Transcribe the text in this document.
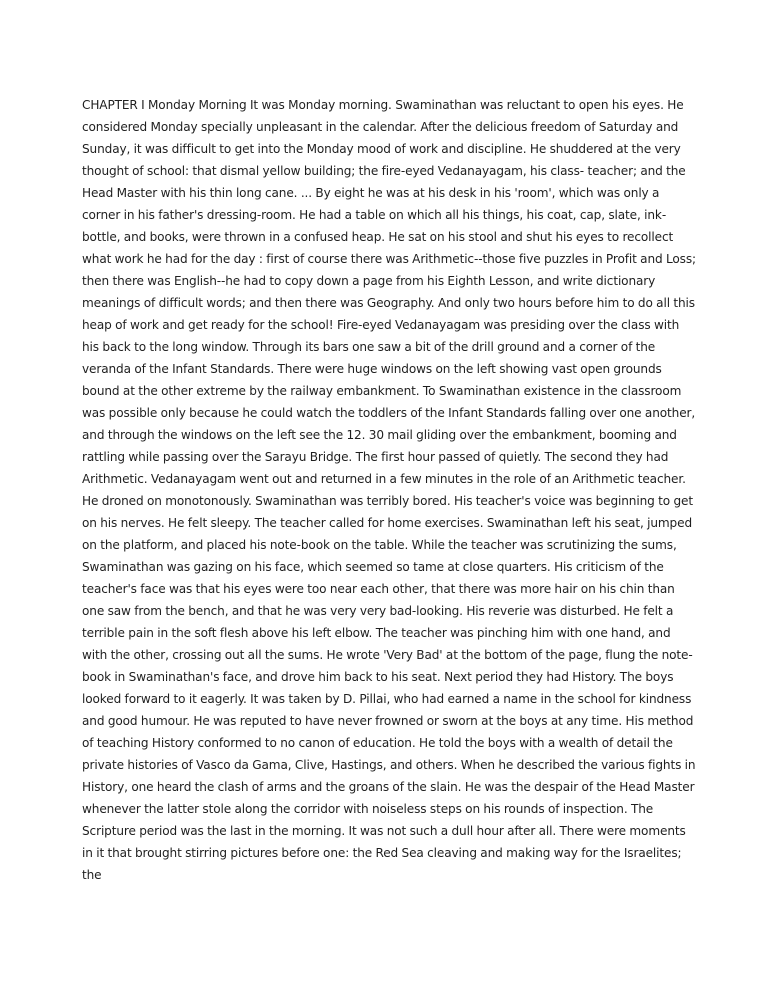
CHAPTER I Monday Morning It was Monday morning. Swaminathan was reluctant to open his eyes. He considered Monday specially unpleasant in the calendar. After the delicious freedom of Saturday and Sunday, it was difficult to get into the Monday mood of work and discipline. He shuddered at the very thought of school: that dismal yellow building; the fire-eyed Vedanayagam, his class- teacher; and the Head Master with his thin long cane. ... By eight he was at his desk in his 'room', which was only a corner in his father's dressing-room. He had a table on which all his things, his coat, cap, slate, ink-bottle, and books, were thrown in a confused heap. He sat on his stool and shut his eyes to recollect what work he had for the day : first of course there was Arithmetic--those five puzzles in Profit and Loss; then there was English--he had to copy down a page from his Eighth Lesson, and write dictionary meanings of difficult words; and then there was Geography. And only two hours before him to do all this heap of work and get ready for the school! Fire-eyed Vedanayagam was presiding over the class with his back to the long window. Through its bars one saw a bit of the drill ground and a corner of the veranda of the Infant Standards. There were huge windows on the left showing vast open grounds bound at the other extreme by the railway embankment. To Swaminathan existence in the classroom was possible only because he could watch the toddlers of the Infant Standards falling over one another, and through the windows on the left see the 12. 30 mail gliding over the embankment, booming and rattling while passing over the Sarayu Bridge. The first hour passed of quietly. The second they had Arithmetic. Vedanayagam went out and returned in a few minutes in the role of an Arithmetic teacher. He droned on monotonously. Swaminathan was terribly bored. His teacher's voice was beginning to get on his nerves. He felt sleepy. The teacher called for home exercises. Swaminathan left his seat, jumped on the platform, and placed his note-book on the table. While the teacher was scrutinizing the sums, Swaminathan was gazing on his face, which seemed so tame at close quarters. His criticism of the teacher's face was that his eyes were too near each other, that there was more hair on his chin than one saw from the bench, and that he was very very bad-looking. His reverie was disturbed. He felt a terrible pain in the soft flesh above his left elbow. The teacher was pinching him with one hand, and with the other, crossing out all the sums. He wrote 'Very Bad' at the bottom of the page, flung the note-book in Swaminathan's face, and drove him back to his seat. Next period they had History. The boys looked forward to it eagerly. It was taken by D. Pillai, who had earned a name in the school for kindness and good humour. He was reputed to have never frowned or sworn at the boys at any time. His method of teaching History conformed to no canon of education. He told the boys with a wealth of detail the private histories of Vasco da Gama, Clive, Hastings, and others. When he described the various fights in History, one heard the clash of arms and the groans of the slain. He was the despair of the Head Master whenever the latter stole along the corridor with noiseless steps on his rounds of inspection. The Scripture period was the last in the morning. It was not such a dull hour after all. There were moments in it that brought stirring pictures before one: the Red Sea cleaving and making way for the Israelites; the
